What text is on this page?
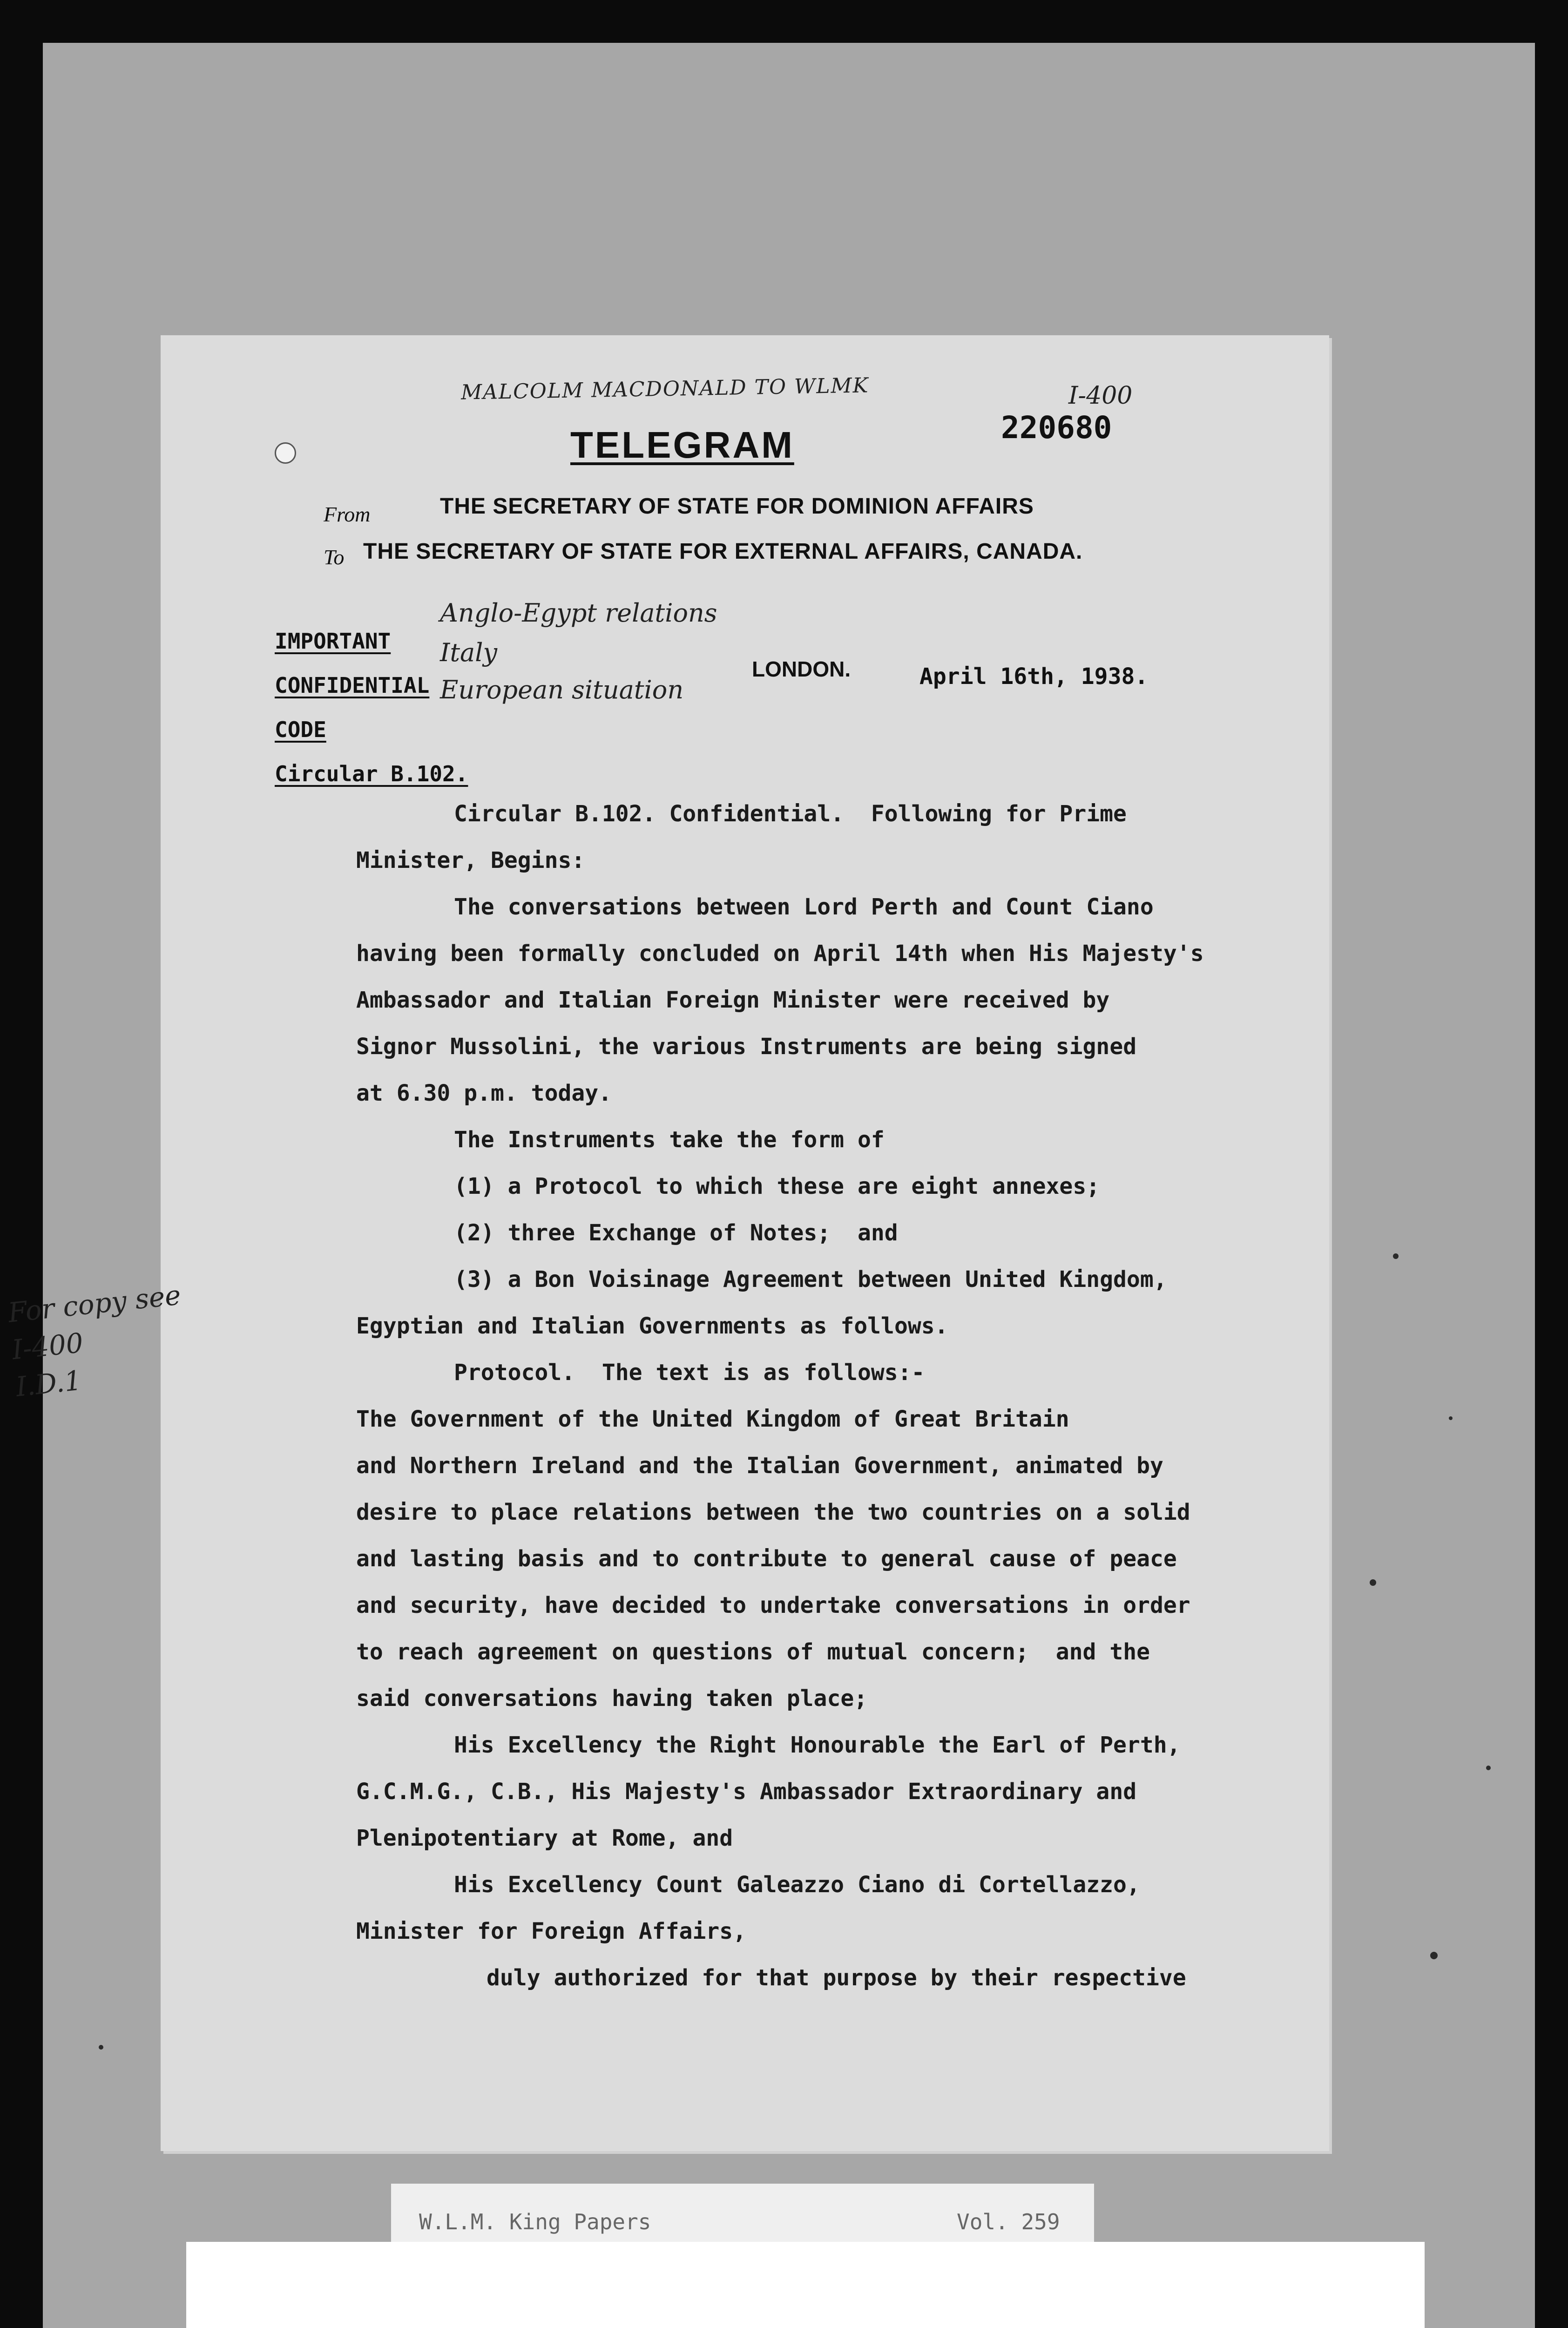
MALCOLM MACDONALD TO WLMK	I-400
220680
TELEGRAM
From	THE SECRETARY OF STATE FOR DOMINION AFFAIRS
To THE SECRETARY OF STATE FOR EXTERNAL AFFAIRS, CANADA.
IMPORTANT
CONFIDENTIAL
CODE
Circular B.102.
Anglo-Egypt relations
Italy
European situation
LONDON.	April 16th, 1938.
Circular B.102. Confidential.  Following for Prime
Minister, Begins:
The conversations between Lord Perth and Count Ciano
having been formally concluded on April 14th when His Majesty's
Ambassador and Italian Foreign Minister were received by
Signor Mussolini, the various Instruments are being signed
at 6.30 p.m. today.
The Instruments take the form of
(1) a Protocol to which these are eight annexes;
(2) three Exchange of Notes;  and
(3) a Bon Voisinage Agreement between United Kingdom,
Egyptian and Italian Governments as follows.
Protocol.  The text is as follows:-
The Government of the United Kingdom of Great Britain
and Northern Ireland and the Italian Government, animated by
desire to place relations between the two countries on a solid
and lasting basis and to contribute to general cause of peace
and security, have decided to undertake conversations in order
to reach agreement on questions of mutual concern;  and the
said conversations having taken place;
His Excellency the Right Honourable the Earl of Perth,
G.C.M.G., C.B., His Majesty's Ambassador Extraordinary and
Plenipotentiary at Rome, and
His Excellency Count Galeazzo Ciano di Cortellazzo,
Minister for Foreign Affairs,
duly authorized for that purpose by their respective
For copy see
I-400
I.D.1
W.L.M. King Papers	Vol. 259
